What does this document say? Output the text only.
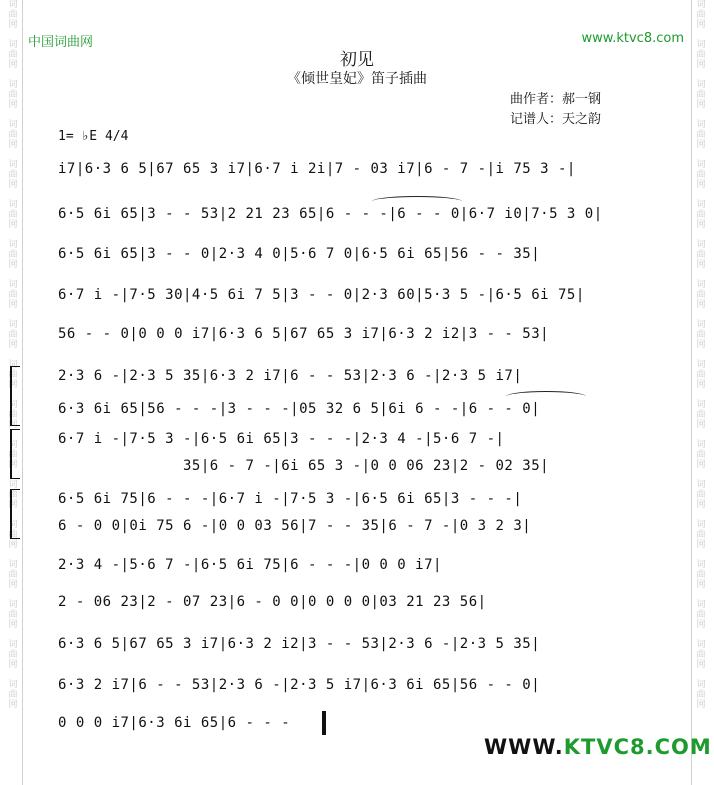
词
曲
网

词
曲
网

词
曲
网

词
曲
网

词
曲
网

词
曲
网

词
曲
网

词
曲
网

词
曲
网

词
曲
网

词
曲
网

词
曲
网

词
曲
网

词
曲
网

词
曲
网

词
曲
网

词
曲
网

词
曲
网
词
曲
网

词
曲
网

词
曲
网

词
曲
网

词
曲
网

词
曲
网

词
曲
网

词
曲
网

词
曲
网

词
曲
网

词
曲
网

词
曲
网

词
曲
网

词
曲
网

词
曲
网

词
曲
网

词
曲
网

词
曲
网
中国词曲网	www.ktvc8.com
初见
《倾世皇妃》笛子插曲
曲作者：郝一钢
记谱人：天之韵
1= ♭E 4/4
i7|6·3 6 5|67 65 3 i7|6·7 i 2i|7 - 03 i7|6 - 7 -|i 75 3 -|
6·5 6i 65|3 - - 53|2 21 23 65|6 - - -|6 - - 0|6·7 i0|7·5 3 0|
6·5 6i 65|3 - - 0|2·3 4 0|5·6 7 0|6·5 6i 65|56 - - 35|
6·7 i -|7·5 30|4·5 6i 7 5|3 - - 0|2·3 60|5·3 5 -|6·5 6i 75|
56 - - 0|0 0 0 i7|6·3 6 5|67 65 3 i7|6·3 2 i2|3 - - 53|
2·3 6 -|2·3 5 35|6·3 2 i7|6 - - 53|2·3 6 -|2·3 5 i7|
6·3 6i 65|56 - - -|3 - - -|05 32 6 5|6i 6 - -|6 - - 0|
6·7 i -|7·5 3 -|6·5 6i 65|3 - - -|2·3 4 -|5·6 7 -|
35|6 - 7 -|6i 65 3 -|0 0 06 23|2 - 02 35|
6·5 6i 75|6 - - -|6·7 i -|7·5 3 -|6·5 6i 65|3 - - -|
6 - 0 0|0i 75 6 -|0 0 03 56|7 - - 35|6 - 7 -|0 3 2 3|
2·3 4 -|5·6 7 -|6·5 6i 75|6 - - -|0 0 0 i7|
2 - 06 23|2 - 07 23|6 - 0 0|0 0 0 0|03 21 23 56|
6·3 6 5|67 65 3 i7|6·3 2 i2|3 - - 53|2·3 6 -|2·3 5 35|
6·3 2 i7|6 - - 53|2·3 6 -|2·3 5 i7|6·3 6i 65|56 - - 0|
0 0 0 i7|6·3 6i 65|6 - - -
WWW.KTVC8.COM
